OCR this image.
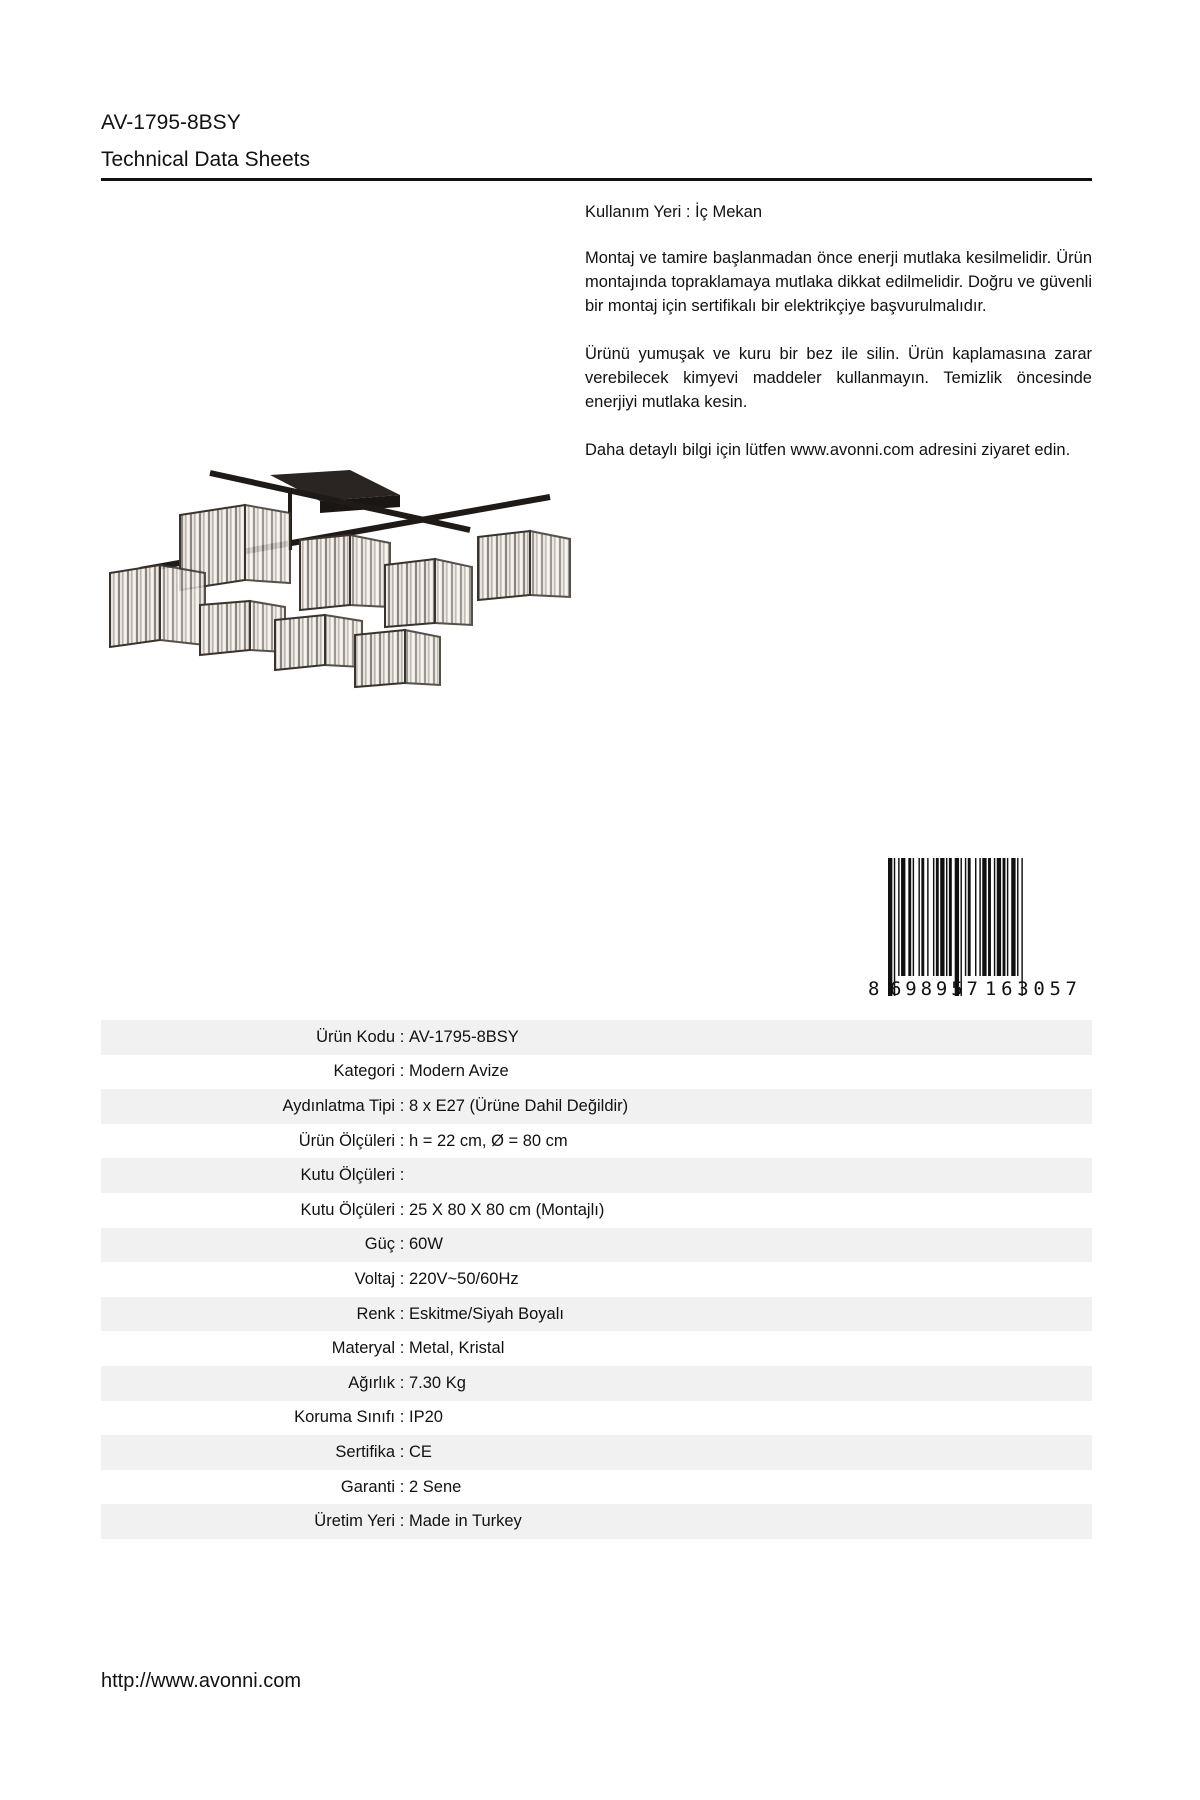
AV-1795-8BSY
Technical Data Sheets

Kullanım Yeri : İç Mekan

Montaj ve tamire başlanmadan önce enerji mutlaka kesilmelidir. Ürün montajında topraklamaya mutlaka dikkat edilmelidir. Doğru ve güvenli bir montaj için sertifikalı bir elektrikçiye başvurulmalıdır.

Ürünü yumuşak ve kuru bir bez ile silin. Ürün kaplamasına zarar verebilecek kimyevi maddeler kullanmayın. Temizlik öncesinde enerjiyi mutlaka kesin.

Daha detaylı bilgi için lütfen www.avonni.com adresini ziyaret edin.

8 698957 163057
Ürün Kodu : AV-1795-8BSY
Kategori : Modern Avize
Aydınlatma Tipi : 8 x E27 (Ürüne Dahil Değildir)
Ürün Ölçüleri : h = 22 cm, Ø = 80 cm
Kutu Ölçüleri :
Kutu Ölçüleri : 25 X 80 X 80 cm (Montajlı)
Güç : 60W
Voltaj : 220V~50/60Hz
Renk : Eskitme/Siyah Boyalı
Materyal : Metal, Kristal
Ağırlık : 7.30 Kg
Koruma Sınıfı : IP20
Sertifika : CE
Garanti : 2 Sene
Üretim Yeri : Made in Turkey
http://www.avonni.com
